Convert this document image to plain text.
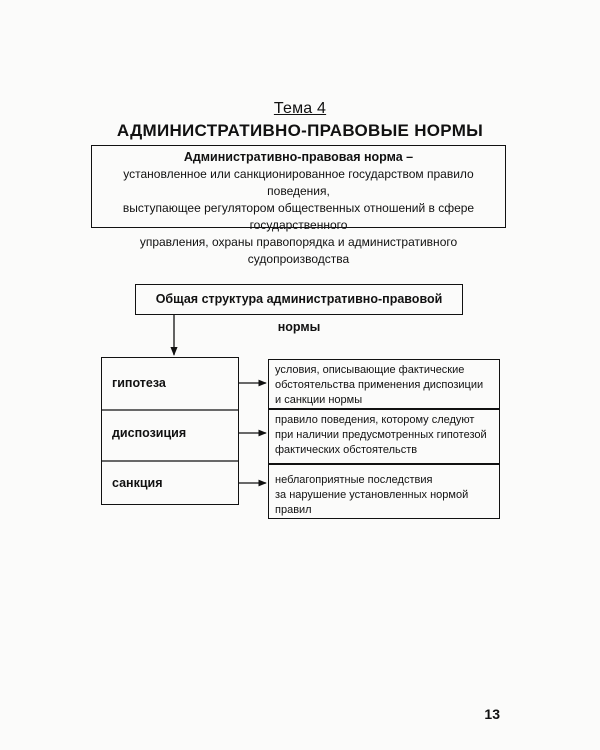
Тема 4
АДМИНИСТРАТИВНО-ПРАВОВЫЕ НОРМЫ
Административно-правовая норма –
установленное или санкционированное государством правило поведения,
выступающее регулятором общественных отношений в сфере государственного
управления, охраны правопорядка и административного судопроизводства
Общая структура административно-правовой нормы
гипотеза
диспозиция
санкция
условия, описывающие фактические
обстоятельства применения диспозиции
и санкции нормы
правило поведения, которому следуют
при наличии предусмотренных гипотезой
фактических обстоятельств
неблагоприятные последствия
за нарушение установленных нормой правил
13
